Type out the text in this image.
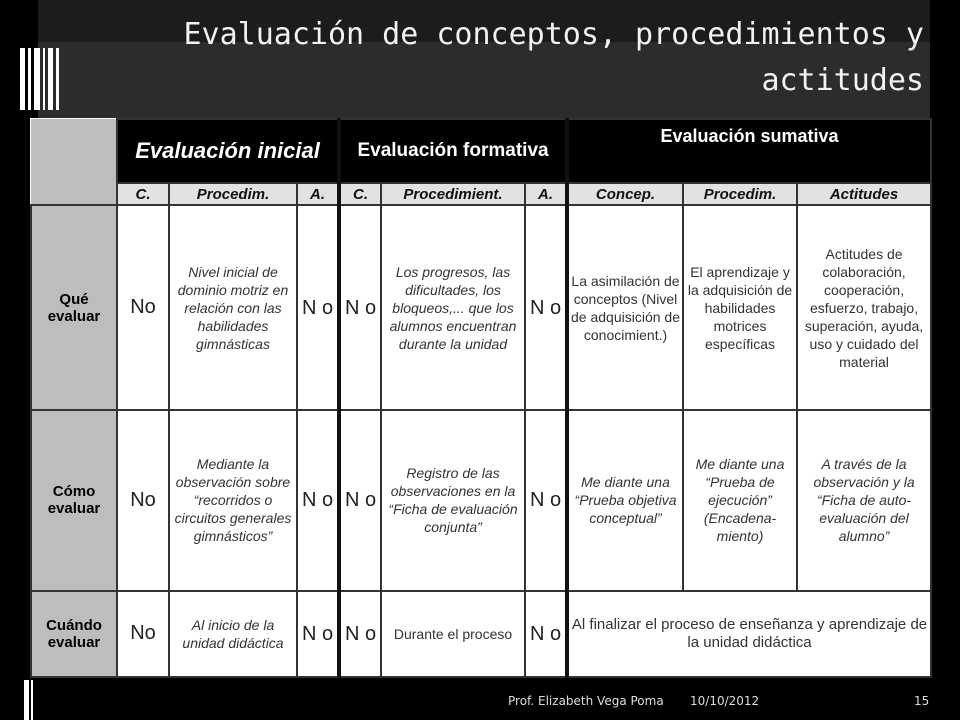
Evaluación de conceptos, procedimientos y actitudes
	Evaluación inicial			Evaluación formativa			Evaluación sumativa		
	C.	Procedim.	A.	C.	Procedimient.	A.	Concep.	Procedim.	Actitudes
Qué evaluar	No	Nivel inicial de dominio motriz en relación con las habilidades gimnásticas	N o	N o	Los progresos, las dificultades, los bloqueos,... que los alumnos encuentran durante la unidad	N o	La asimilación de conceptos (Nivel de adquisición de conocimient.)	El aprendizaje y la adquisición de habilidades motrices específicas	Actitudes de colaboración, cooperación, esfuerzo, trabajo, superación, ayuda, uso y cuidado del material
Cómo evaluar	No	Mediante la observación sobre “recorridos o circuitos generales gimnásticos”	N o	N o	Registro de las observaciones en la “Ficha de evaluación conjunta”	N o	Me diante una “Prueba objetiva conceptual”	Me diante una “Prueba de ejecución” (Encadena-miento)	A través de la observación y la “Ficha de auto-evaluación del alumno”
Cuándo evaluar	No	Al inicio de la unidad didáctica	N o	N o	Durante el proceso	N o	Al finalizar el proceso de enseñanza y aprendizaje de la unidad didáctica		
Prof. Elizabeth Vega Poma 10/10/2012	15
